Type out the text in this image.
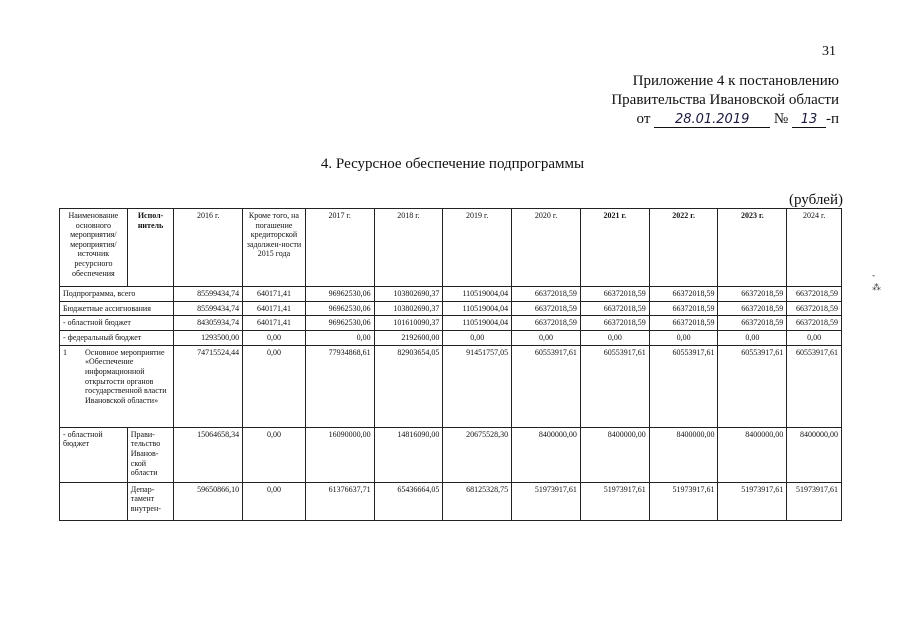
31
Приложение 4 к постановлению
Правительства Ивановской области
от 28.01.2019 № 13 -п
4. Ресурсное обеспечение подпрограммы
(рублей)
Наименование основного мероприятия/ мероприятия/ источник ресурсного обеспечения	Испол-нитель	2016 г.	Кроме того, на погашение кредиторской задолжен-ности 2015 года	2017 г.	2018 г.	2019 г.	2020 г.	2021 г.	2022 г.	2023 г.	2024 г.
Подпрограмма, всего		85599434,74	640171,41	96962530,06	103802690,37	110519004,04	66372018,59	66372018,59	66372018,59	66372018,59	66372018,59
Бюджетные ассигнования		85599434,74	640171,41	96962530,06	103802690,37	110519004,04	66372018,59	66372018,59	66372018,59	66372018,59	66372018,59
- областной бюджет		84305934,74	640171,41	96962530,06	101610090,37	110519004,04	66372018,59	66372018,59	66372018,59	66372018,59	66372018,59
- федеральный бюджет		1293500,00	0,00	0,00	2192600,00	0,00	0,00	0,00	0,00	0,00	0,00

1 Основное мероприятие «Обеспечение информационной открытости органов государственной власти Ивановской области»		74715524,44	0,00	77934868,61	82903654,05	91451757,05	60553917,61	60553917,61	60553917,61	60553917,61	60553917,61
- областной бюджет	Прави-тельство Иванов-ской области	15064658,34	0,00	16090000,00	14816090,00	20675528,30	8400000,00	8400000,00	8400000,00	8400000,00	8400000,00
	Депар-тамент внутрен-	59650866,10	0,00	61376637,71	65436664,05	68125328,75	51973917,61	51973917,61	51973917,61	51973917,61	51973917,61
-
⁂
